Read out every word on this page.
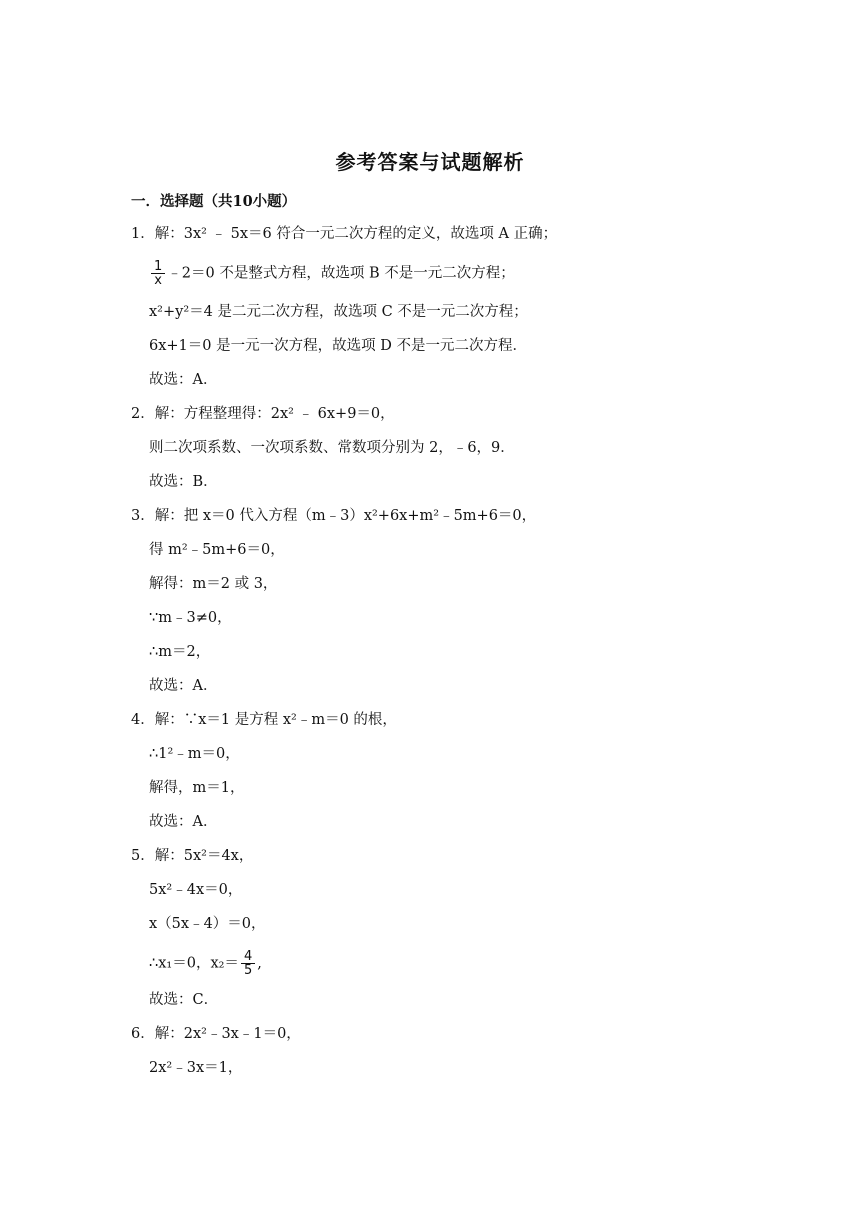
参考答案与试题解析
一．选择题（共10小题）
1．解：3x² ﹣ 5x＝6 符合一元二次方程的定义，故选项 A 正确；
$\frac{1}{x}$ ﹣2＝0 不是整式方程，故选项 B 不是一元二次方程；
x²+y²＝4 是二元二次方程，故选项 C 不是一元二次方程；
6x+1＝0 是一元一次方程，故选项 D 不是一元二次方程．
故选：A．
2．解：方程整理得：2x² ﹣ 6x+9＝0，
则二次项系数、一次项系数、常数项分别为 2，﹣6，9．
故选：B．
3．解：把 x＝0 代入方程（m﹣3）x²+6x+m²﹣5m+6＝0，
得 m²﹣5m+6＝0，
解得：m＝2 或 3，
∵m﹣3≠0，
∴m＝2，
故选：A．
4．解：∵x＝1 是方程 x²﹣m＝0 的根，
∴1²﹣m＝0，
解得，m＝1，
故选：A．
5．解：5x²＝4x，
5x²﹣4x＝0，
x（5x﹣4）＝0，
∴x₁＝0，$x_2= \frac{4}{5}$ ,
故选：C．
6．解：2x²﹣3x﹣1＝0，
2x²﹣3x＝1，
